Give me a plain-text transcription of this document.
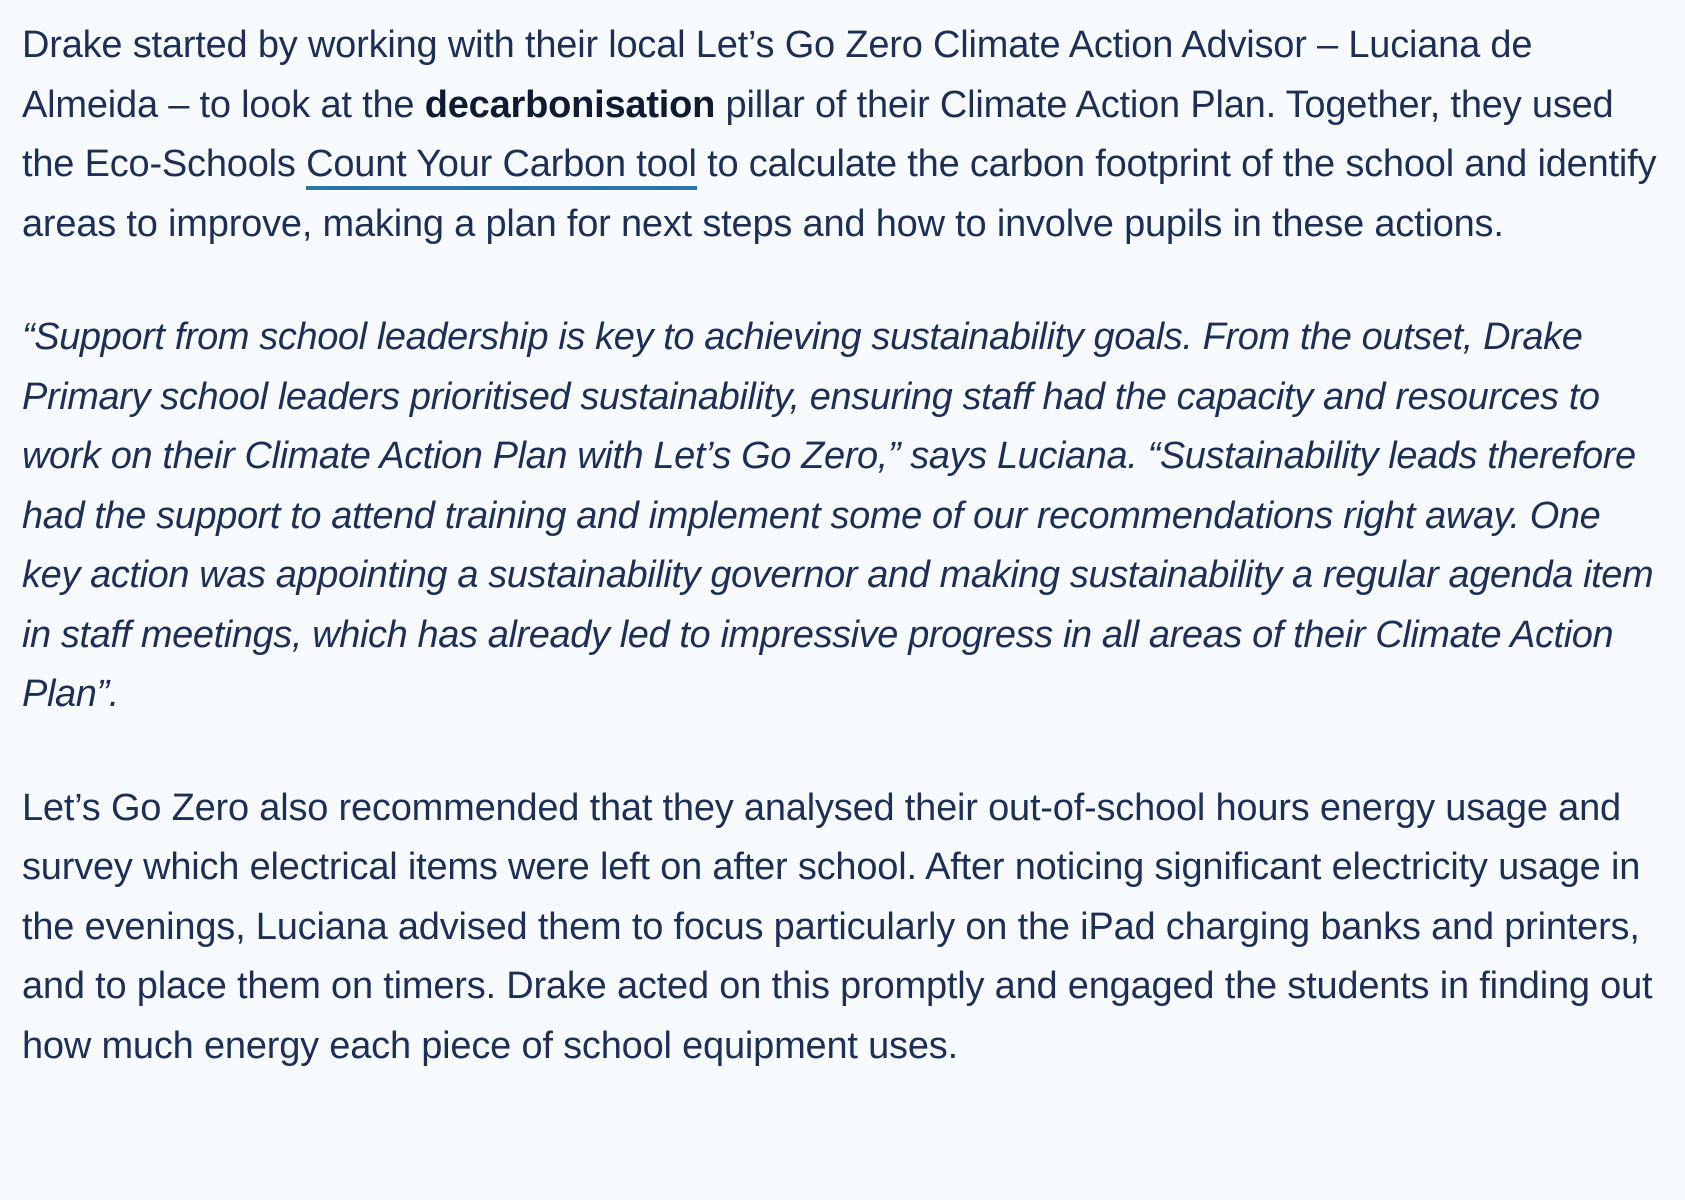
Drake started by working with their local Let’s Go Zero Climate Action Advisor – Luciana de Almeida – to look at the decarbonisation pillar of their Climate Action Plan. Together, they used the Eco-Schools Count Your Carbon tool to calculate the carbon footprint of the school and identify areas to improve, making a plan for next steps and how to involve pupils in these actions.

“Support from school leadership is key to achieving sustainability goals. From the outset, Drake Primary school leaders prioritised sustainability, ensuring staff had the capacity and resources to work on their Climate Action Plan with Let’s Go Zero,” says Luciana. “Sustainability leads therefore had the support to attend training and implement some of our recommendations right away. One key action was appointing a sustainability governor and making sustainability a regular agenda item in staff meetings, which has already led to impressive progress in all areas of their Climate Action Plan”.

Let’s Go Zero also recommended that they analysed their out-of-school hours energy usage and survey which electrical items were left on after school. After noticing significant electricity usage in the evenings, Luciana advised them to focus particularly on the iPad charging banks and printers, and to place them on timers. Drake acted on this promptly and engaged the students in finding out how much energy each piece of school equipment uses.
